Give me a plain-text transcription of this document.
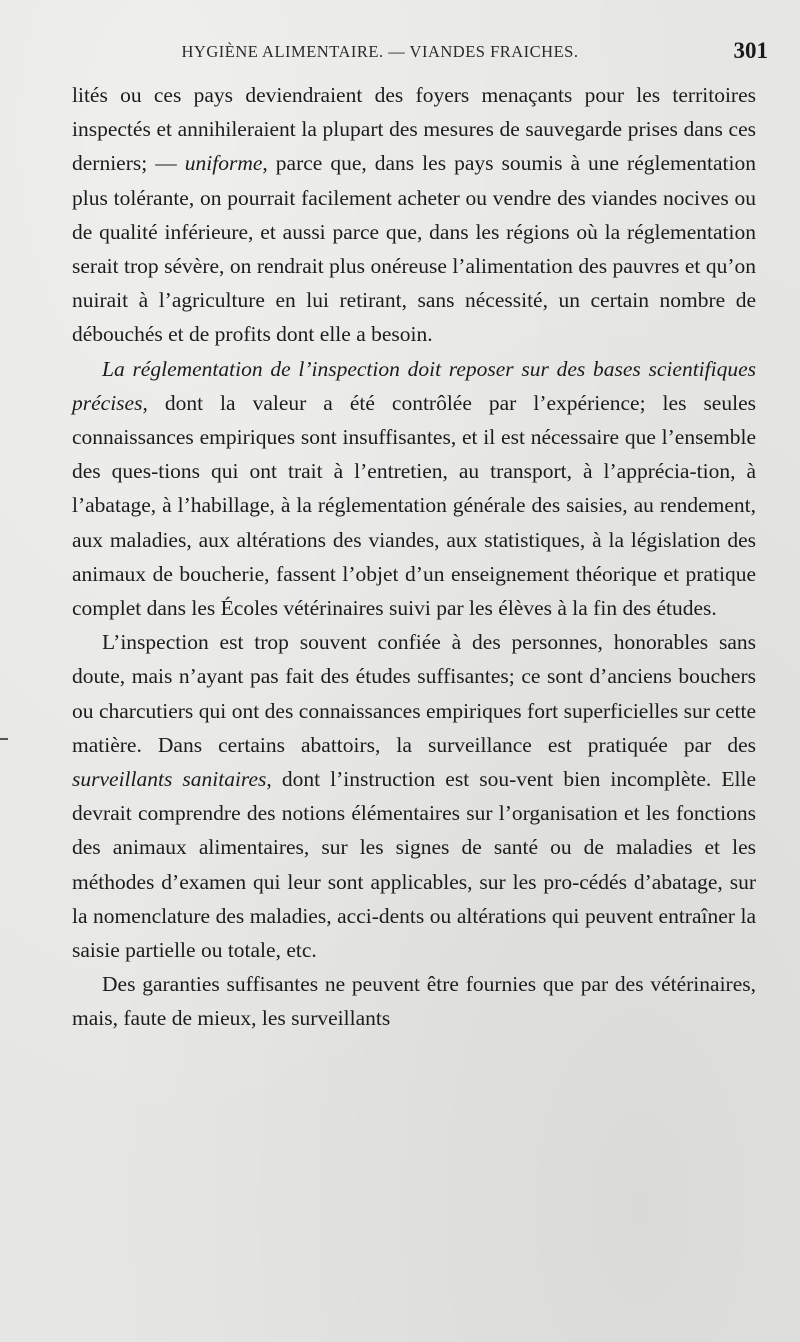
HYGIÈNE ALIMENTAIRE. — VIANDES FRAICHES.	301

lités ou ces pays deviendraient des foyers menaçants pour les territoires inspectés et annihileraient la plupart des mesures de sauvegarde prises dans ces derniers; — uniforme, parce que, dans les pays soumis à une réglementation plus tolérante, on pourrait facilement acheter ou vendre des viandes nocives ou de qualité inférieure, et aussi parce que, dans les régions où la réglementation serait trop sévère, on rendrait plus onéreuse l’alimentation des pauvres et qu’on nuirait à l’agriculture en lui retirant, sans nécessité, un certain nombre de débouchés et de profits dont elle a besoin.

La réglementation de l’inspection doit reposer sur des bases scientifiques précises, dont la valeur a été contrôlée par l’expérience; les seules connaissances empiriques sont insuffisantes, et il est nécessaire que l’ensemble des ques-tions qui ont trait à l’entretien, au transport, à l’apprécia-tion, à l’abatage, à l’habillage, à la réglementation générale des saisies, au rendement, aux maladies, aux altérations des viandes, aux statistiques, à la législation des animaux de boucherie, fassent l’objet d’un enseignement théorique et pratique complet dans les Écoles vétérinaires suivi par les élèves à la fin des études.

L’inspection est trop souvent confiée à des personnes, honorables sans doute, mais n’ayant pas fait des études suffisantes; ce sont d’anciens bouchers ou charcutiers qui ont des connaissances empiriques fort superficielles sur cette matière. Dans certains abattoirs, la surveillance est pratiquée par des surveillants sanitaires, dont l’instruction est sou-vent bien incomplète. Elle devrait comprendre des notions élémentaires sur l’organisation et les fonctions des animaux alimentaires, sur les signes de santé ou de maladies et les méthodes d’examen qui leur sont applicables, sur les pro-cédés d’abatage, sur la nomenclature des maladies, acci-dents ou altérations qui peuvent entraîner la saisie partielle ou totale, etc.

Des garanties suffisantes ne peuvent être fournies que par des vétérinaires, mais, faute de mieux, les surveillants
